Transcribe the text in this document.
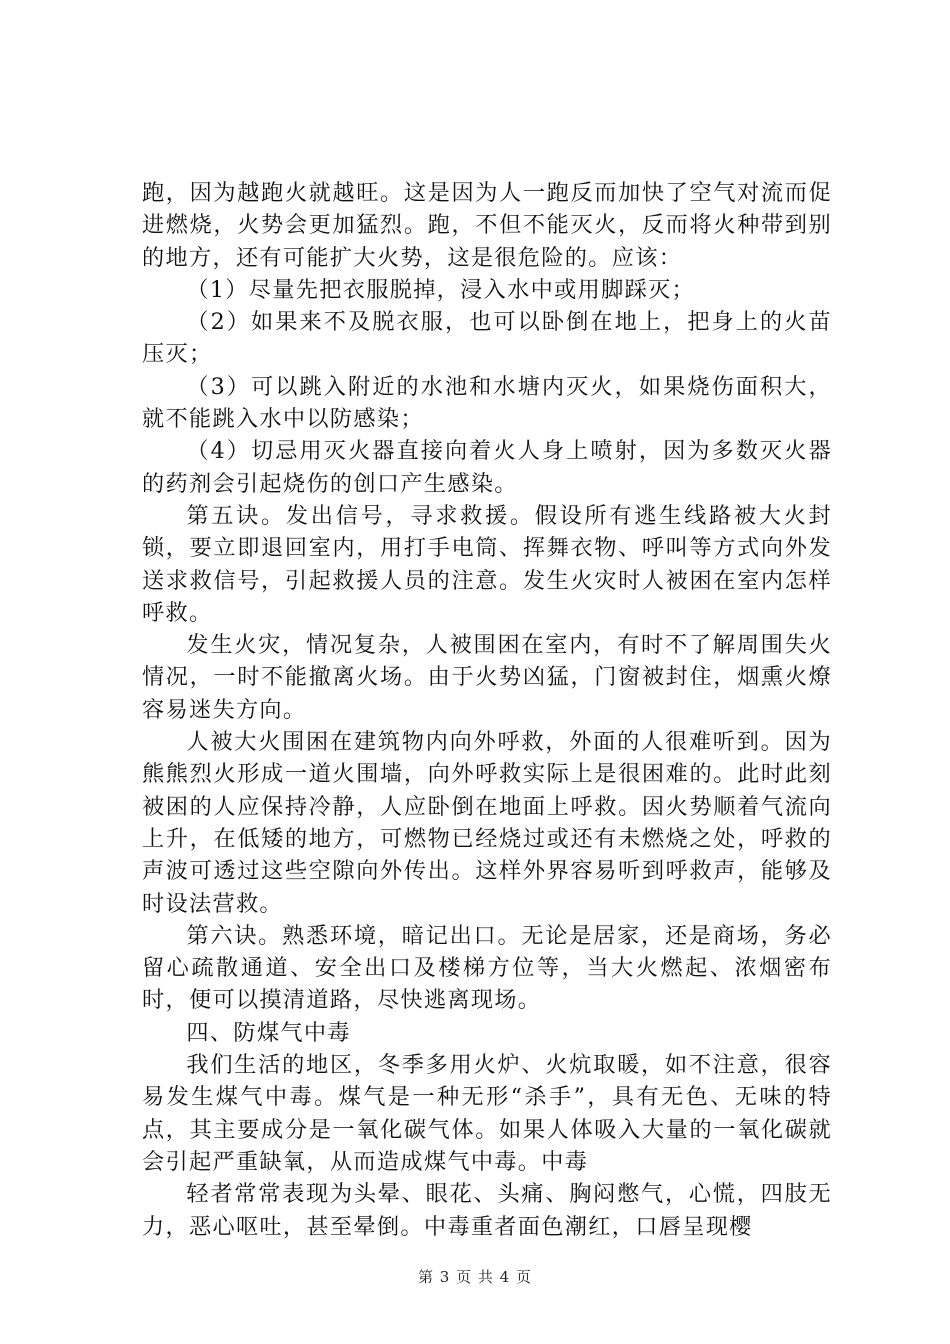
跑，因为越跑火就越旺。这是因为人一跑反而加快了空气对流而促进燃烧，火势会更加猛烈。跑，不但不能灭火，反而将火种带到别的地方，还有可能扩大火势，这是很危险的。应该：

（1）尽量先把衣服脱掉，浸入水中或用脚踩灭；

（2）如果来不及脱衣服，也可以卧倒在地上，把身上的火苗压灭；

（3）可以跳入附近的水池和水塘内灭火，如果烧伤面积大，就不能跳入水中以防感染；

（4）切忌用灭火器直接向着火人身上喷射，因为多数灭火器的药剂会引起烧伤的创口产生感染。

第五诀。发出信号，寻求救援。假设所有逃生线路被大火封锁，要立即退回室内，用打手电筒、挥舞衣物、呼叫等方式向外发送求救信号，引起救援人员的注意。发生火灾时人被困在室内怎样呼救。

发生火灾，情况复杂，人被围困在室内，有时不了解周围失火情况，一时不能撤离火场。由于火势凶猛，门窗被封住，烟熏火燎容易迷失方向。

人被大火围困在建筑物内向外呼救，外面的人很难听到。因为熊熊烈火形成一道火围墙，向外呼救实际上是很困难的。此时此刻被困的人应保持冷静，人应卧倒在地面上呼救。因火势顺着气流向上升，在低矮的地方，可燃物已经烧过或还有未燃烧之处，呼救的声波可透过这些空隙向外传出。这样外界容易听到呼救声，能够及时设法营救。

第六诀。熟悉环境，暗记出口。无论是居家，还是商场，务必留心疏散通道、安全出口及楼梯方位等，当大火燃起、浓烟密布时，便可以摸清道路，尽快逃离现场。

四、防煤气中毒

我们生活的地区，冬季多用火炉、火炕取暖，如不注意，很容易发生煤气中毒。煤气是一种无形“杀手”，具有无色、无味的特点，其主要成分是一氧化碳气体。如果人体吸入大量的一氧化碳就会引起严重缺氧，从而造成煤气中毒。中毒

轻者常常表现为头晕、眼花、头痛、胸闷憋气，心慌，四肢无力，恶心呕吐，甚至晕倒。中毒重者面色潮红，口唇呈现樱

第 3 页 共 4 页
